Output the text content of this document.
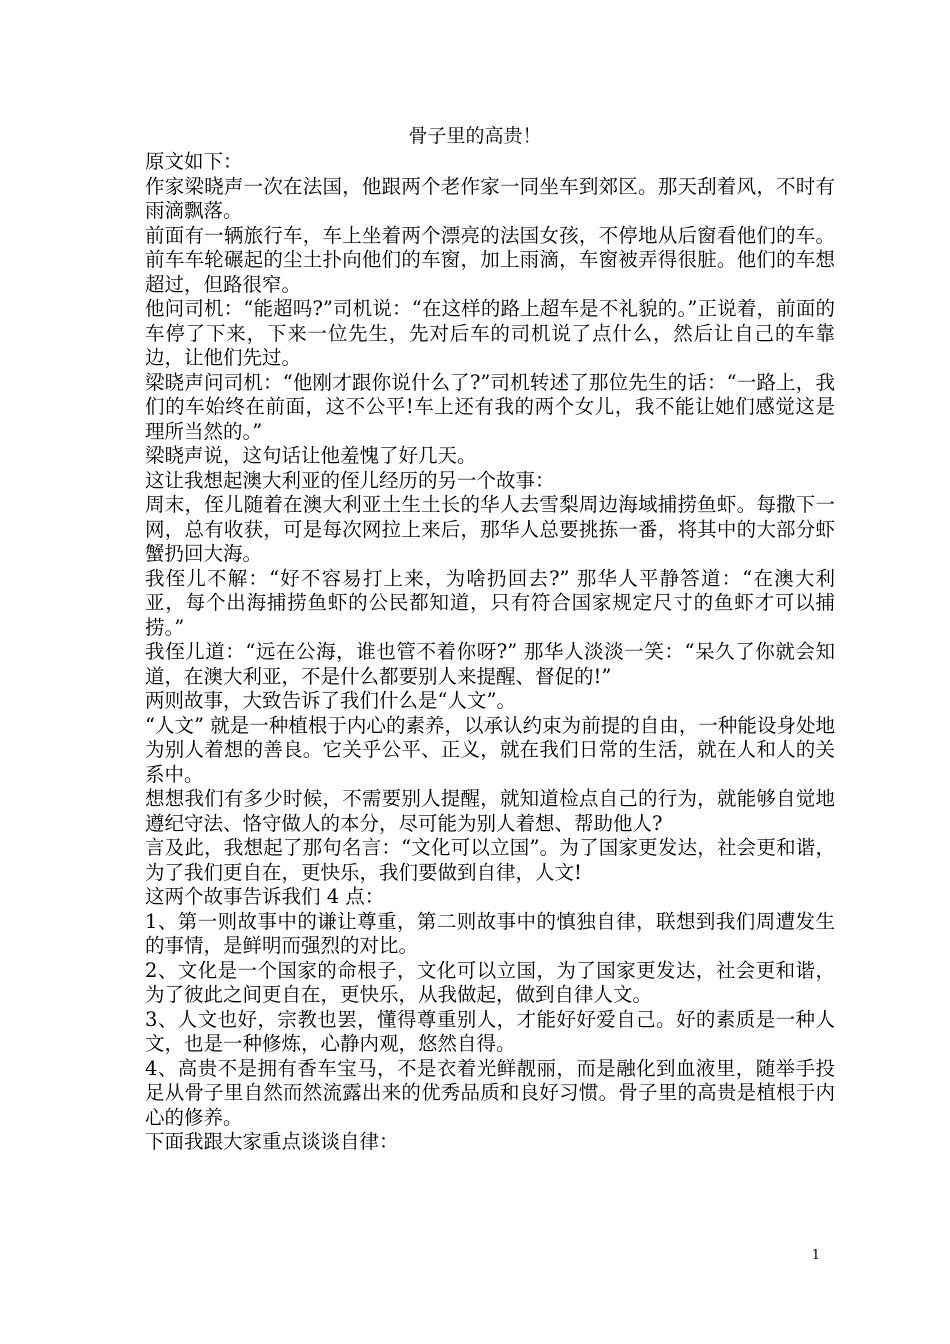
骨子里的高贵！

原文如下：

作家梁晓声一次在法国，他跟两个老作家一同坐车到郊区。那天刮着风，不时有雨滴飘落。

前面有一辆旅行车，车上坐着两个漂亮的法国女孩，不停地从后窗看他们的车。前车车轮碾起的尘土扑向他们的车窗，加上雨滴，车窗被弄得很脏。他们的车想超过，但路很窄。

他问司机：“能超吗?”司机说：“在这样的路上超车是不礼貌的。”正说着，前面的车停了下来，下来一位先生，先对后车的司机说了点什么，然后让自己的车靠边，让他们先过。

梁晓声问司机：“他刚才跟你说什么了?”司机转述了那位先生的话：“一路上，我们的车始终在前面，这不公平!车上还有我的两个女儿，我不能让她们感觉这是理所当然的。”

梁晓声说，这句话让他羞愧了好几天。

这让我想起澳大利亚的侄儿经历的另一个故事：

周末，侄儿随着在澳大利亚土生土长的华人去雪梨周边海域捕捞鱼虾。每撒下一网，总有收获，可是每次网拉上来后，那华人总要挑拣一番，将其中的大部分虾蟹扔回大海。

我侄儿不解：“好不容易打上来，为啥扔回去?” 那华人平静答道：“在澳大利亚，每个出海捕捞鱼虾的公民都知道，只有符合国家规定尺寸的鱼虾才可以捕捞。”

我侄儿道：“远在公海，谁也管不着你呀?” 那华人淡淡一笑：“呆久了你就会知道，在澳大利亚，不是什么都要别人来提醒、督促的!”

两则故事，大致告诉了我们什么是“人文”。

“人文” 就是一种植根于内心的素养，以承认约束为前提的自由，一种能设身处地为别人着想的善良。它关乎公平、正义，就在我们日常的生活，就在人和人的关系中。

想想我们有多少时候，不需要别人提醒，就知道检点自己的行为，就能够自觉地遵纪守法、恪守做人的本分，尽可能为别人着想、帮助他人?

言及此，我想起了那句名言：“文化可以立国”。为了国家更发达，社会更和谐，为了我们更自在，更快乐，我们要做到自律，人文!

这两个故事告诉我们 4 点：

1、第一则故事中的谦让尊重，第二则故事中的慎独自律，联想到我们周遭发生的事情，是鲜明而强烈的对比。

2、文化是一个国家的命根子，文化可以立国，为了国家更发达，社会更和谐，为了彼此之间更自在，更快乐，从我做起，做到自律人文。

3、人文也好，宗教也罢，懂得尊重别人，才能好好爱自己。好的素质是一种人文，也是一种修炼，心静内观，悠然自得。

4、高贵不是拥有香车宝马，不是衣着光鲜靓丽，而是融化到血液里，随举手投足从骨子里自然而然流露出来的优秀品质和良好习惯。骨子里的高贵是植根于内心的修养。

下面我跟大家重点谈谈自律：

1
